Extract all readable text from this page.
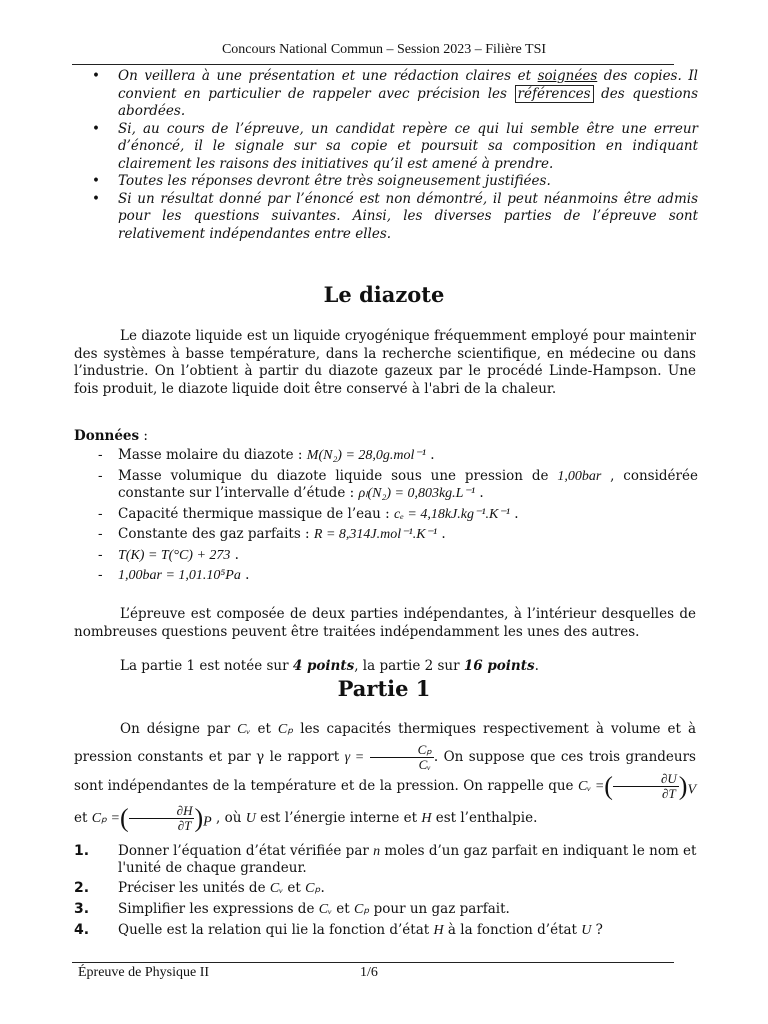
Concours National Commun – Session 2023 – Filière TSI
• On veillera à une présentation et une rédaction claires et soignées des copies. Il convient en particulier de rappeler avec précision les références des questions abordées.
• Si, au cours de l’épreuve, un candidat repère ce qui lui semble être une erreur d’énoncé, il le signale sur sa copie et poursuit sa composition en indiquant clairement les raisons des initiatives qu’il est amené à prendre.
• Toutes les réponses devront être très soigneusement justifiées.
• Si un résultat donné par l’énoncé est non démontré, il peut néanmoins être admis pour les questions suivantes. Ainsi, les diverses parties de l’épreuve sont relativement indépendantes entre elles.
Le diazote

Le diazote liquide est un liquide cryogénique fréquemment employé pour maintenir des systèmes à basse température, dans la recherche scientifique, en médecine ou dans l’industrie. On l’obtient à partir du diazote gazeux par le procédé Linde-Hampson. Une fois produit, le diazote liquide doit être conservé à l'abri de la chaleur.

Données :

- Masse molaire du diazote : M(N₂) = 28,0g.mol⁻¹ .
- Masse volumique du diazote liquide sous une pression de 1,00bar , considérée constante sur l’intervalle d’étude : ρₗ(N₂) = 0,803kg.L⁻¹ .
- Capacité thermique massique de l’eau : cₑ = 4,18kJ.kg⁻¹.K⁻¹ .
- Constante des gaz parfaits : R = 8,314J.mol⁻¹.K⁻¹ .
- T(K) = T(°C) + 273 .
- 1,00bar = 1,01.10⁵Pa .

L’épreuve est composée de deux parties indépendantes, à l’intérieur desquelles de nombreuses questions peuvent être traitées indépendamment les unes des autres.

La partie 1 est notée sur 4 points, la partie 2 sur 16 points.

Partie 1

On désigne par Cᵥ et Cₚ les capacités thermiques respectivement à volume et à pression constants et par γ le rapport $\gamma = \frac{\text{Cₚ}}{\text{Cᵥ}}$ . On suppose que ces trois grandeurs sont indépendantes de la température et de la pression. On rappelle que Cᵥ =( $\frac{\partial U}{\partial T} )_V$ et Cₚ =( $\frac{\partial H}{\partial T} )_P$ , où U est l’énergie interne et H est l’enthalpie.

1. Donner l’équation d’état vérifiée par n moles d’un gaz parfait en indiquant le nom et l'unité de chaque grandeur.
2. Préciser les unités de Cᵥ et Cₚ.
3. Simplifier les expressions de Cᵥ et Cₚ pour un gaz parfait.
4. Quelle est la relation qui lie la fonction d’état H à la fonction d’état U ?
Épreuve de Physique II	1/6
